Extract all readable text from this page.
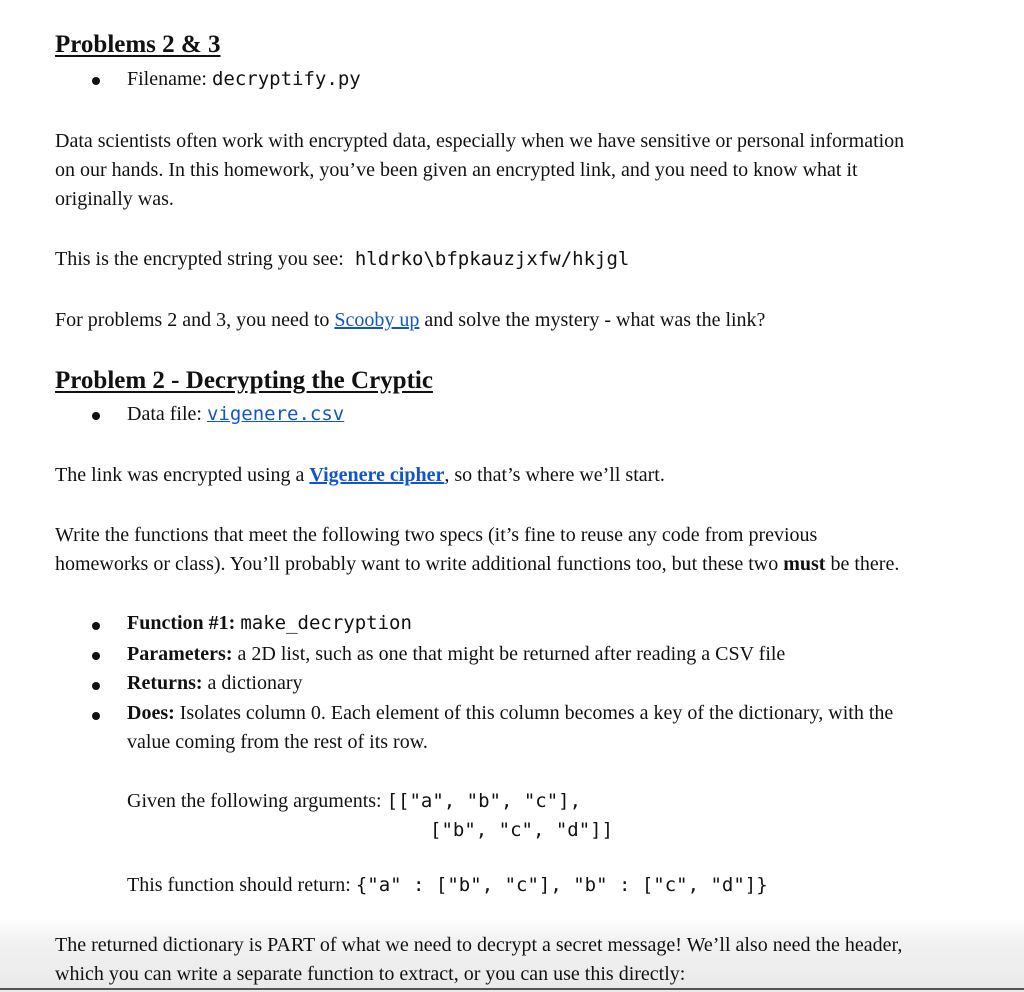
Problems 2 & 3
Filename: decryptify.py
Data scientists often work with encrypted data, especially when we have sensitive or personal information
on our hands. In this homework, you’ve been given an encrypted link, and you need to know what it
originally was.
This is the encrypted string you see: hldrko\bfpkauzjxfw/hkjgl
For problems 2 and 3, you need to Scooby up and solve the mystery - what was the link?
Problem 2 - Decrypting the Cryptic
Data file: vigenere.csv
The link was encrypted using a Vigenere cipher, so that’s where we’ll start.
Write the functions that meet the following two specs (it’s fine to reuse any code from previous
homeworks or class). You’ll probably want to write additional functions too, but these two must be there.
Function #1: make_decryption
Parameters: a 2D list, such as one that might be returned after reading a CSV file
Returns: a dictionary
Does: Isolates column 0. Each element of this column becomes a key of the dictionary, with the
value coming from the rest of its row.
Given the following arguments: [["a", "b", "c"],
["b", "c", "d"]]
This function should return: {"a" : ["b", "c"], "b" : ["c", "d"]}
The returned dictionary is PART of what we need to decrypt a secret message! We’ll also need the header,
which you can write a separate function to extract, or you can use this directly:
